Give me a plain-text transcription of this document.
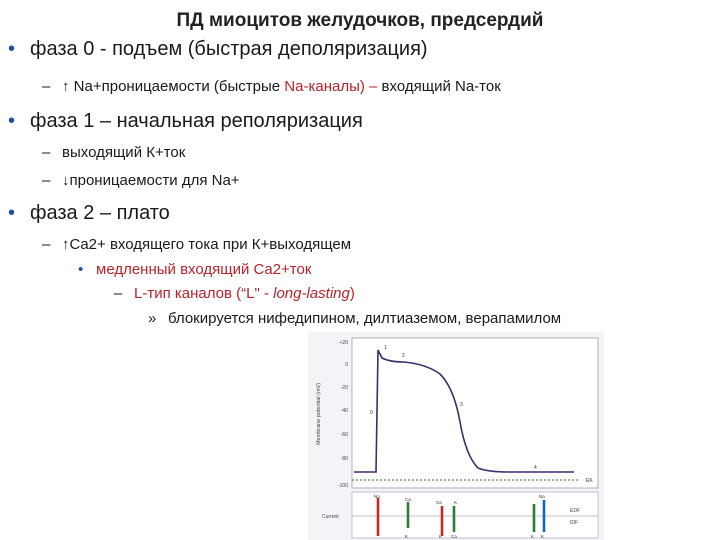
ПД миоцитов желудочков, предсердий
• фаза 0 - подъем (быстрая деполяризация)
– ↑ Na+проницаемости (быстрые Na-каналы) – входящий Na-ток
• фаза 1 – начальная реполяризация
– выходящий К+ток
– ↓проницаемости для Na+
• фаза 2 – плато
– ↑Ca2+ входящего тока при К+выходящем
• медленный входящий Ca2+ток
– L-тип каналов (“L" - long-lasting)
» блокируется нифедипином, дилтиаземом, верапамилом
Membrane potential (mV)
+20
0
-20
-40
-60
-80
-100
EK
0
1
2
3
4
Current
EDF
IDF
Na
Ca
Ca	K
Na
K	K Ca	K K
